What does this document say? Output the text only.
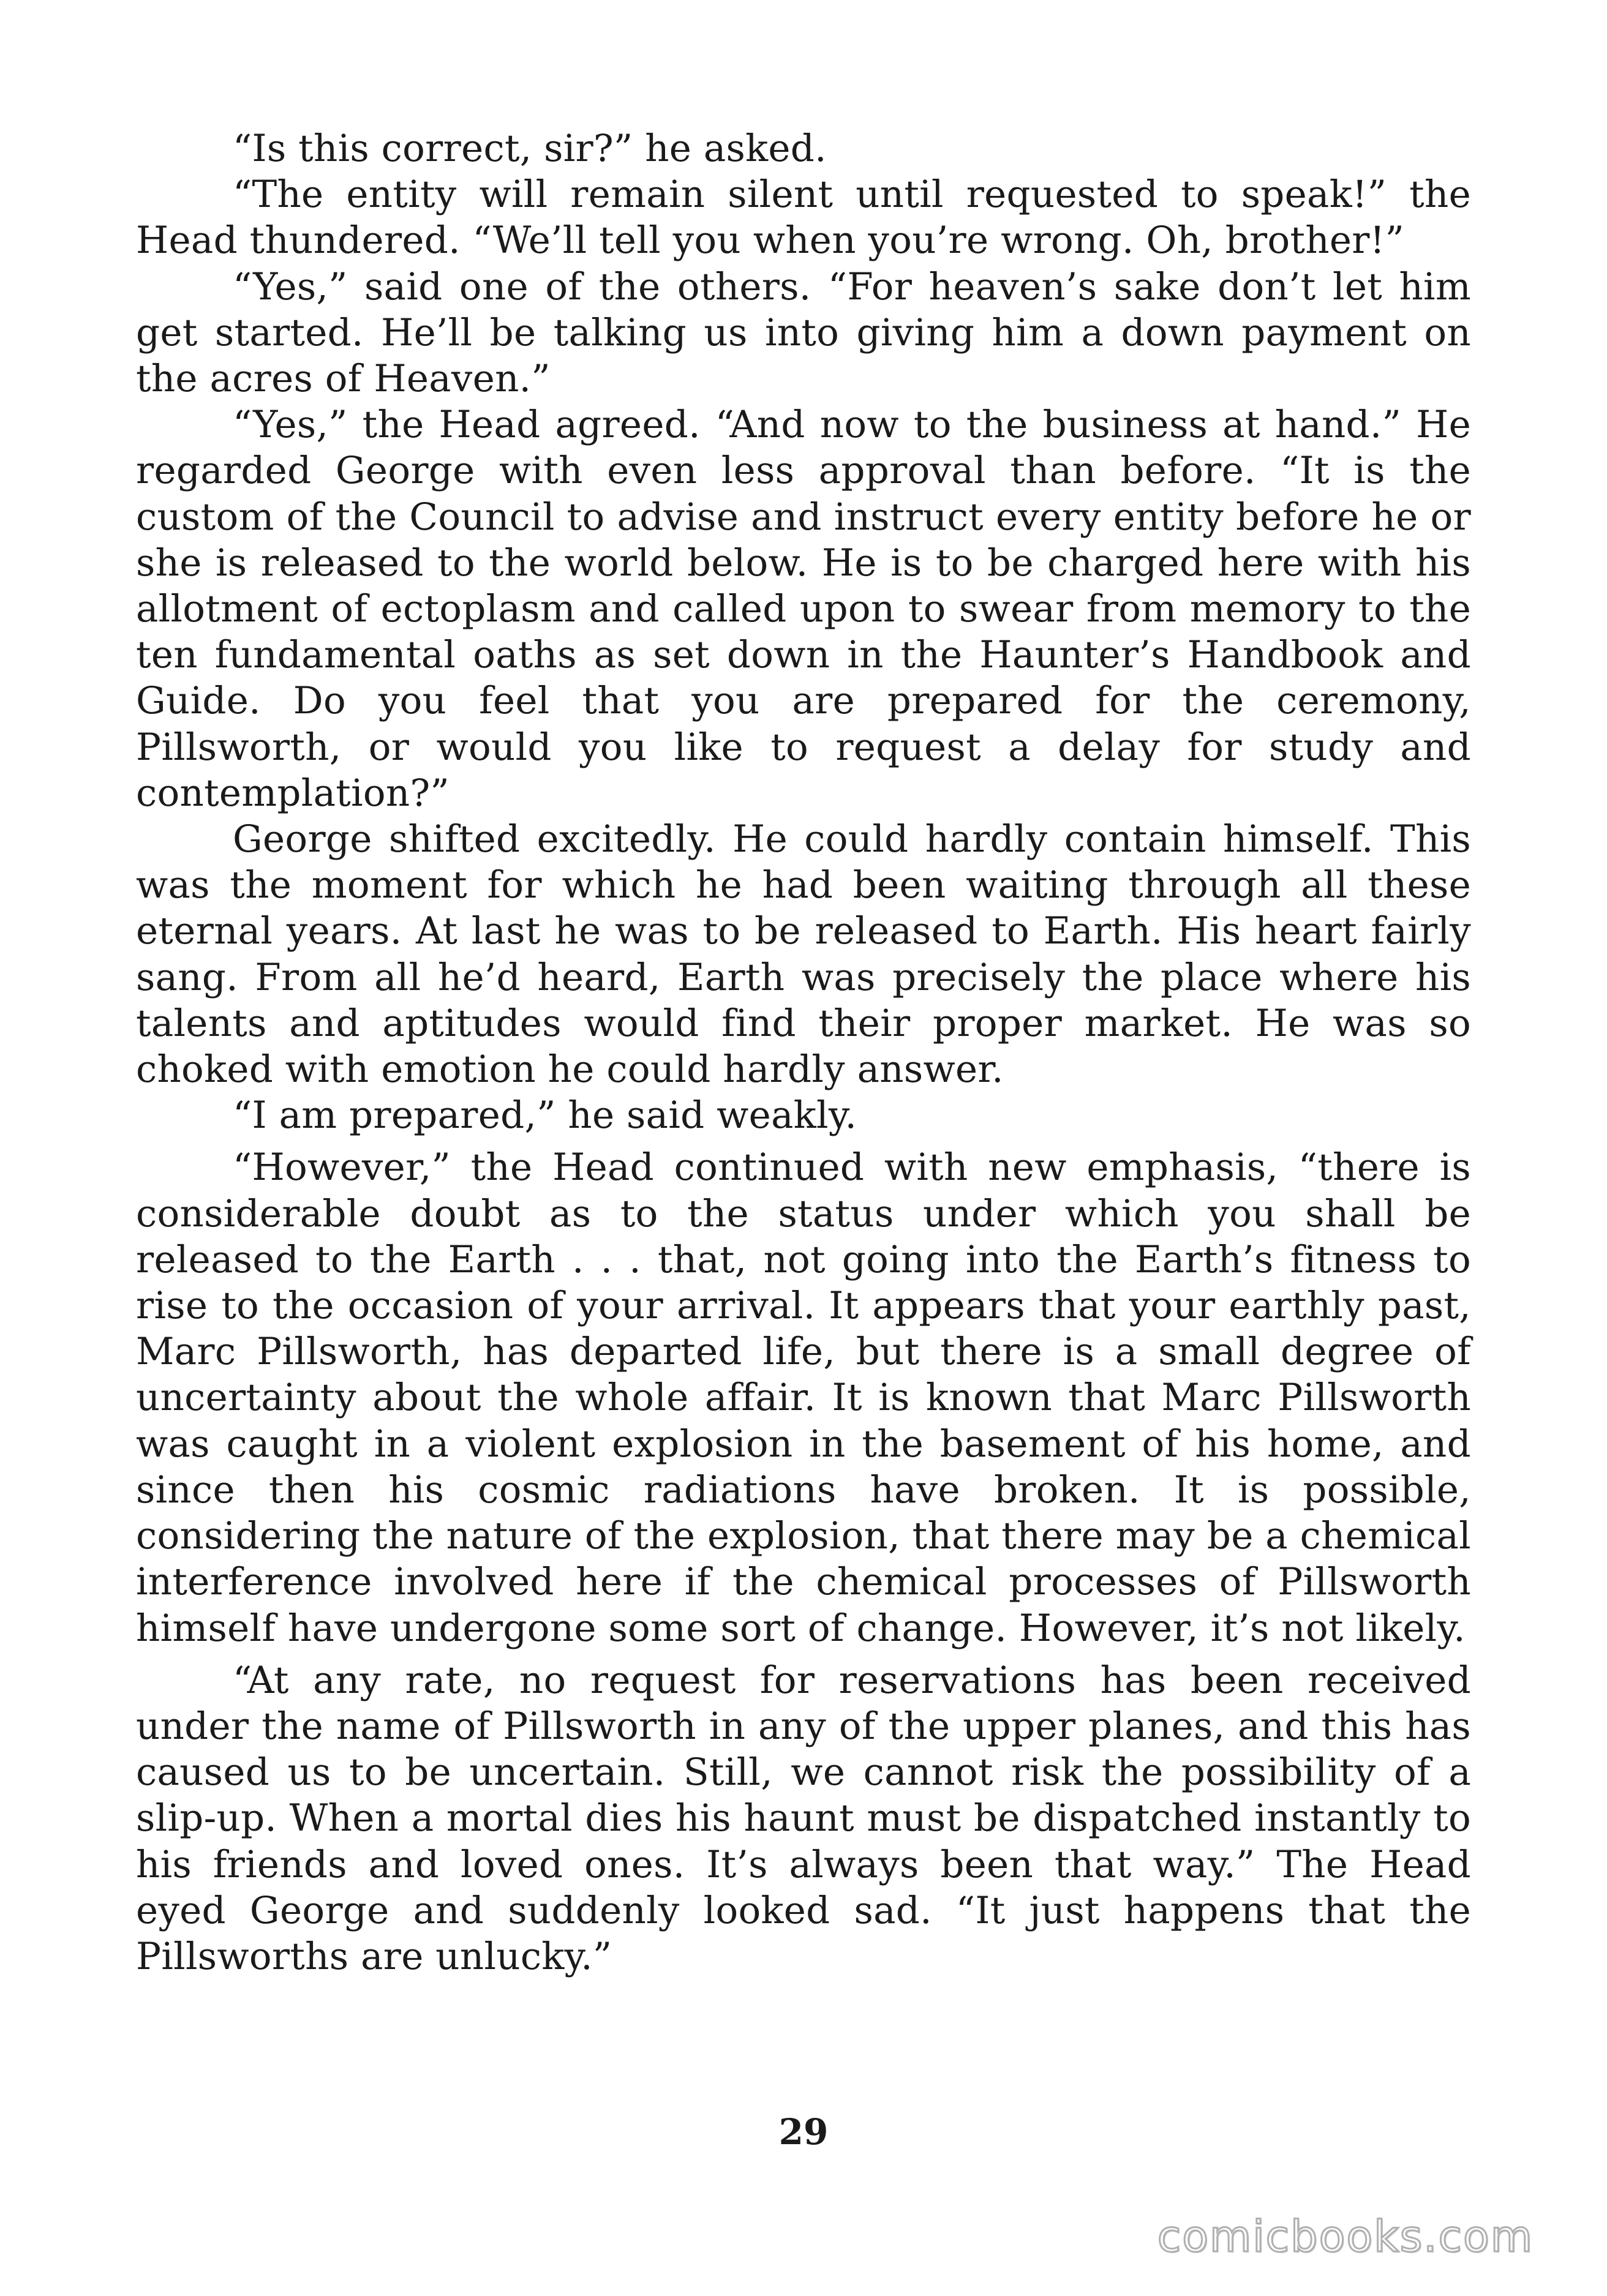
“Is this correct, sir?” he asked.

“The entity will remain silent until requested to speak!” the Head thundered. “We’ll tell you when you’re wrong. Oh, brother!”

“Yes,” said one of the others. “For heaven’s sake don’t let him get started. He’ll be talking us into giving him a down payment on the acres of Heaven.”

“Yes,” the Head agreed. “And now to the business at hand.” He regarded George with even less approval than before. “It is the custom of the Council to advise and instruct every entity before he or she is released to the world below. He is to be charged here with his allotment of ectoplasm and called upon to swear from memory to the ten fundamental oaths as set down in the Haunter’s Handbook and Guide. Do you feel that you are prepared for the ceremony, Pillsworth, or would you like to request a delay for study and contemplation?”

George shifted excitedly. He could hardly contain himself. This was the moment for which he had been waiting through all these eternal years. At last he was to be released to Earth. His heart fairly sang. From all he’d heard, Earth was precisely the place where his talents and aptitudes would find their proper market. He was so choked with emotion he could hardly answer.

“I am prepared,” he said weakly.

“However,” the Head continued with new emphasis, “there is considerable doubt as to the status under which you shall be released to the Earth . . . that, not going into the Earth’s fitness to rise to the occasion of your arrival. It appears that your earthly past, Marc Pillsworth, has departed life, but there is a small degree of uncertainty about the whole affair. It is known that Marc Pillsworth was caught in a violent explosion in the basement of his home, and since then his cosmic radiations have broken. It is possible, considering the nature of the explosion, that there may be a chemical interference involved here if the chemical processes of Pillsworth himself have undergone some sort of change. However, it’s not likely.

“At any rate, no request for reservations has been received under the name of Pillsworth in any of the upper planes, and this has caused us to be uncertain. Still, we cannot risk the possibility of a slip-up. When a mortal dies his haunt must be dispatched instantly to his friends and loved ones. It’s always been that way.” The Head eyed George and suddenly looked sad. “It just happens that the Pillsworths are unlucky.”

29
comicbooks.com
